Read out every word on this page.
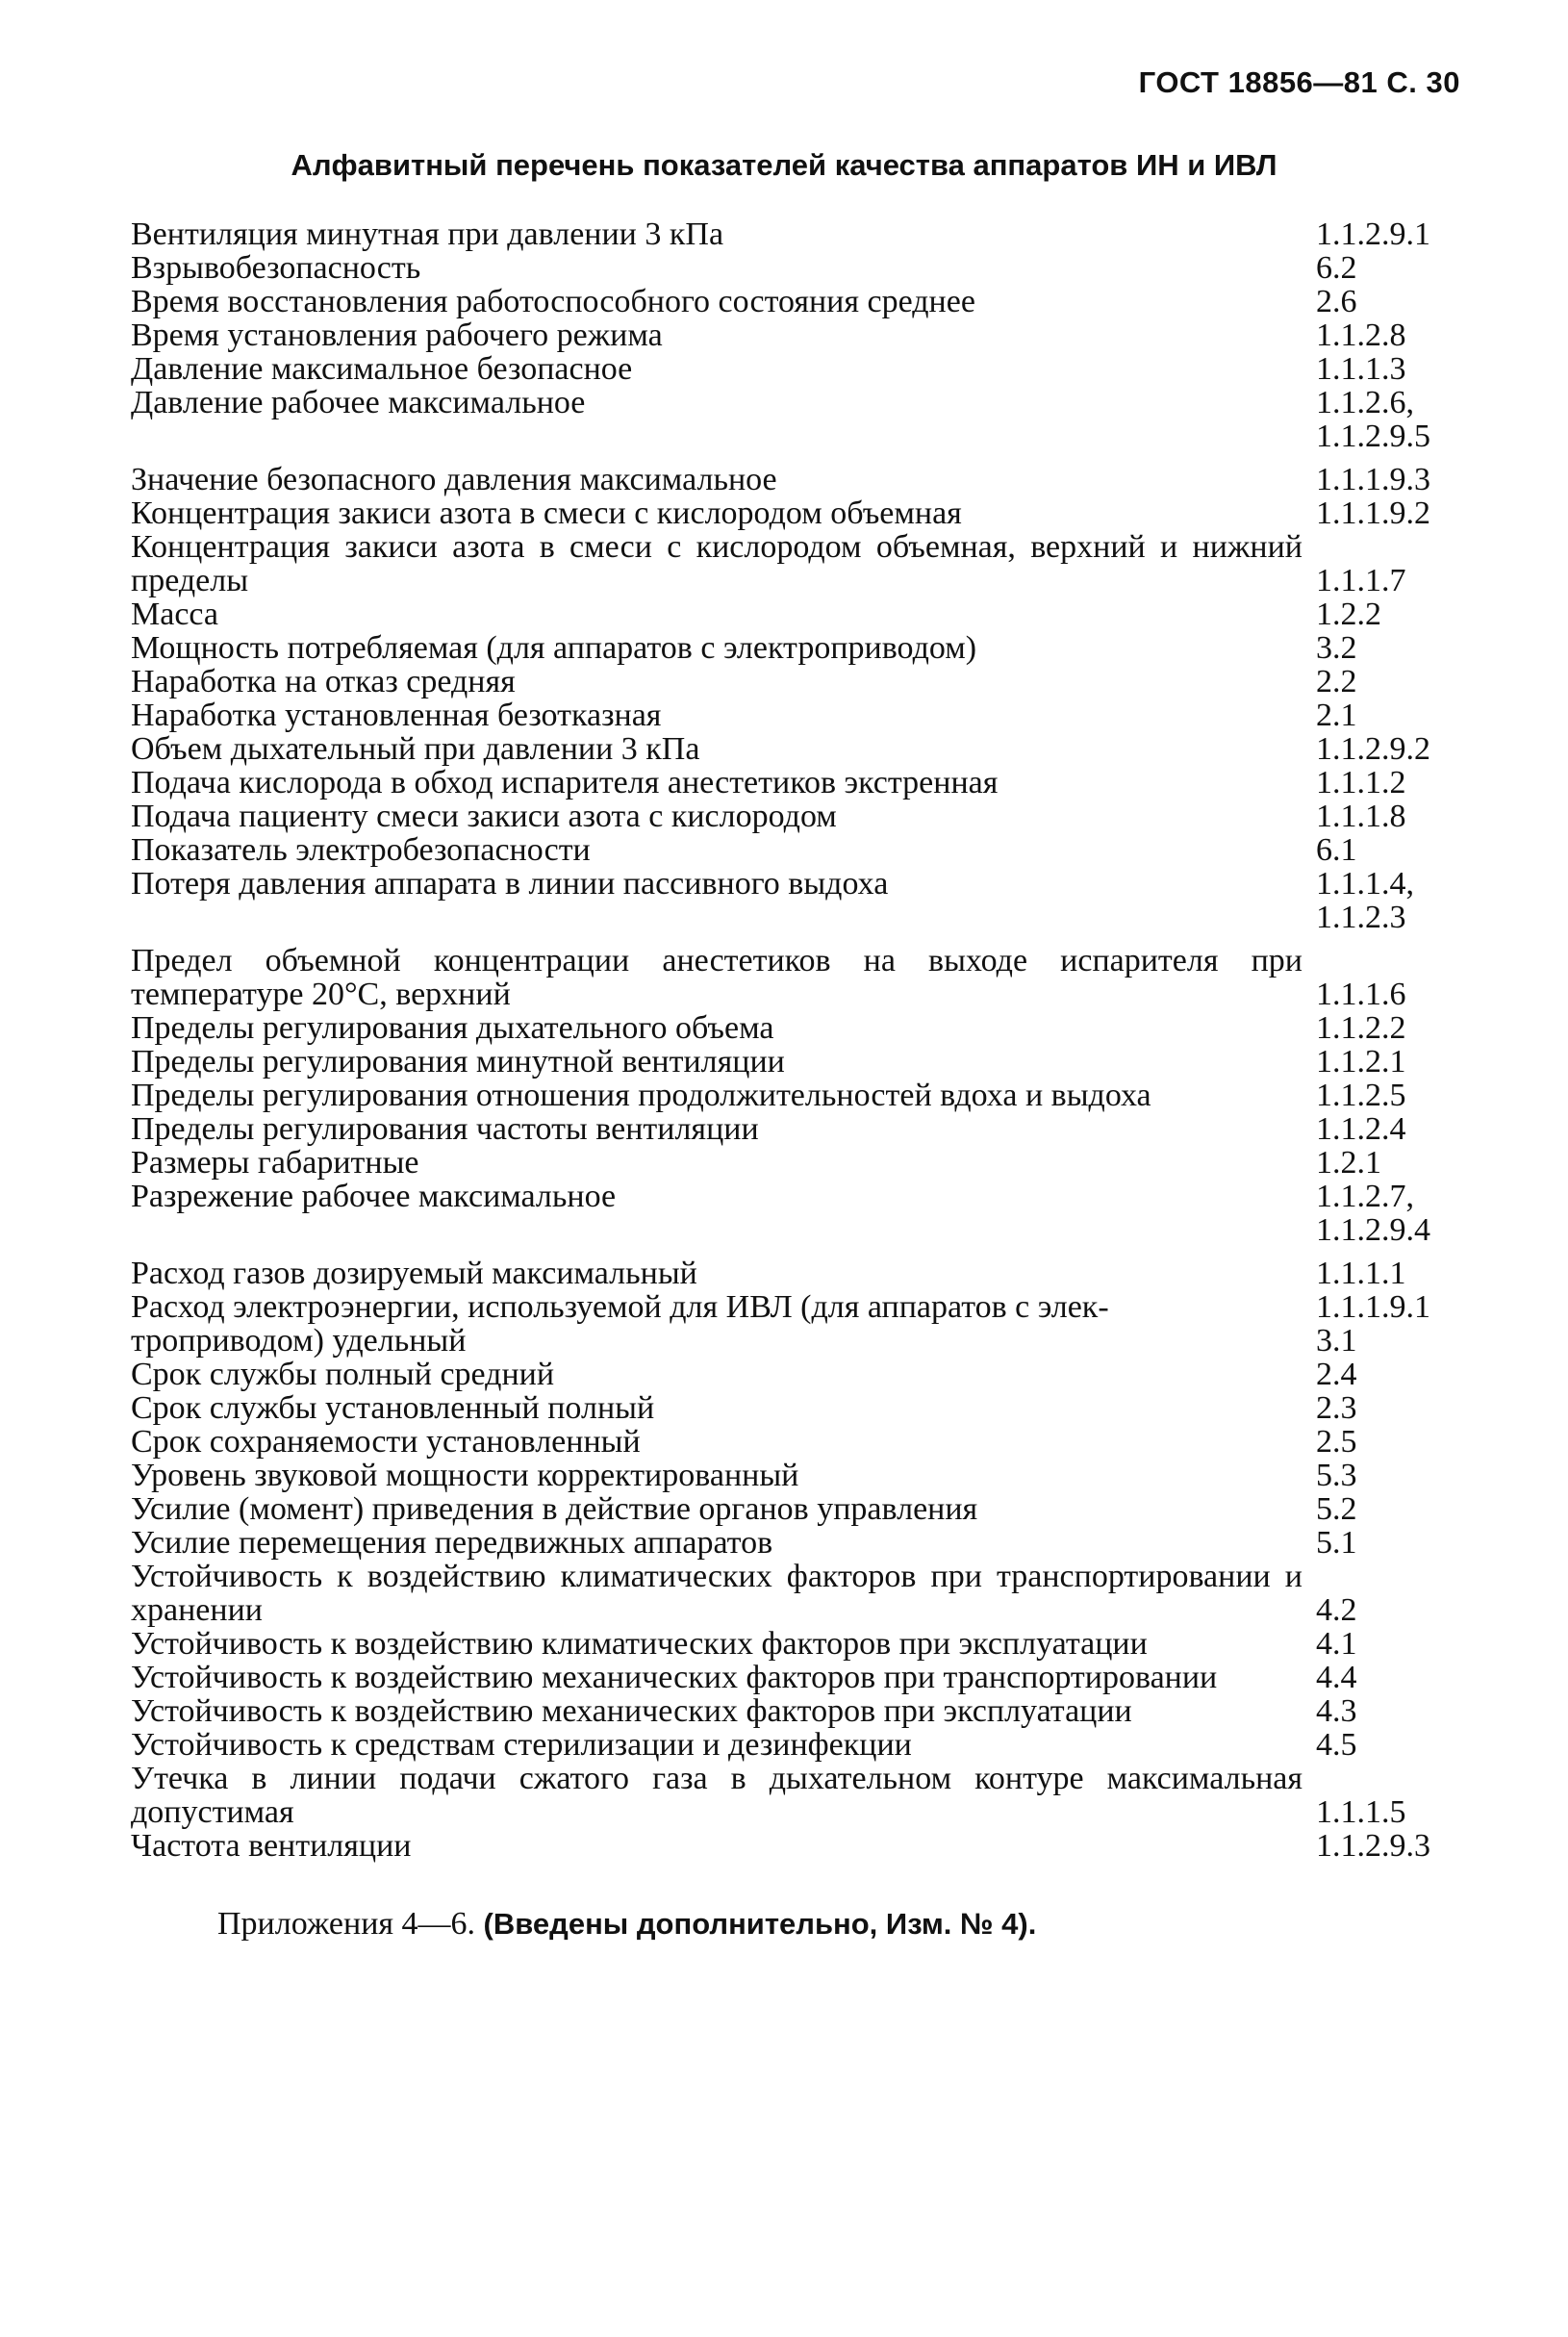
ГОСТ 18856—81 С. 30
Алфавитный перечень показателей качества аппаратов ИН и ИВЛ
Вентиляция минутная при давлении 3 кПа	1.1.2.9.1
Взрывобезопасность	6.2
Время восстановления работоспособного состояния среднее	2.6
Время установления рабочего режима	1.1.2.8
Давление максимальное безопасное	1.1.1.3
Давление рабочее максимальное	1.1.2.6,
1.1.2.9.5
Значение безопасного давления максимальное	1.1.1.9.3
Концентрация закиси азота в смеси с кислородом объемная	1.1.1.9.2
Концентрация закиси азота в смеси с кислородом объемная, верхний и нижний пределы	1.1.1.7
Масса	1.2.2
Мощность потребляемая (для аппаратов с электроприводом)	3.2
Наработка на отказ средняя	2.2
Наработка установленная безотказная	2.1
Объем дыхательный при давлении 3 кПа	1.1.2.9.2
Подача кислорода в обход испарителя анестетиков экстренная	1.1.1.2
Подача пациенту смеси закиси азота с кислородом	1.1.1.8
Показатель электробезопасности	6.1
Потеря давления аппарата в линии пассивного выдоха	1.1.1.4,
1.1.2.3
Предел объемной концентрации анестетиков на выходе испарителя при температуре 20°С, верхний	1.1.1.6
Пределы регулирования дыхательного объема	1.1.2.2
Пределы регулирования минутной вентиляции	1.1.2.1
Пределы регулирования отношения продолжительностей вдоха и выдоха	1.1.2.5
Пределы регулирования частоты вентиляции	1.1.2.4
Размеры габаритные	1.2.1
Разрежение рабочее максимальное	1.1.2.7,
1.1.2.9.4
Расход газов дозируемый максимальный	1.1.1.1
Расход электроэнергии, используемой для ИВЛ (для аппаратов с элек-	1.1.1.9.1
троприводом) удельный	3.1
Срок службы полный средний	2.4
Срок службы установленный полный	2.3
Срок сохраняемости установленный	2.5
Уровень звуковой мощности корректированный	5.3
Усилие (момент) приведения в действие органов управления	5.2
Усилие перемещения передвижных аппаратов	5.1
Устойчивость к воздействию климатических факторов при транспортировании и хранении	4.2
Устойчивость к воздействию климатических факторов при эксплуатации	4.1
Устойчивость к воздействию механических факторов при транспортировании	4.4
Устойчивость к воздействию механических факторов при эксплуатации	4.3
Устойчивость к средствам стерилизации и дезинфекции	4.5
Утечка в линии подачи сжатого газа в дыхательном контуре максимальная допустимая	1.1.1.5
Частота вентиляции	1.1.2.9.3
Приложения 4—6. (Введены дополнительно, Изм. № 4).
